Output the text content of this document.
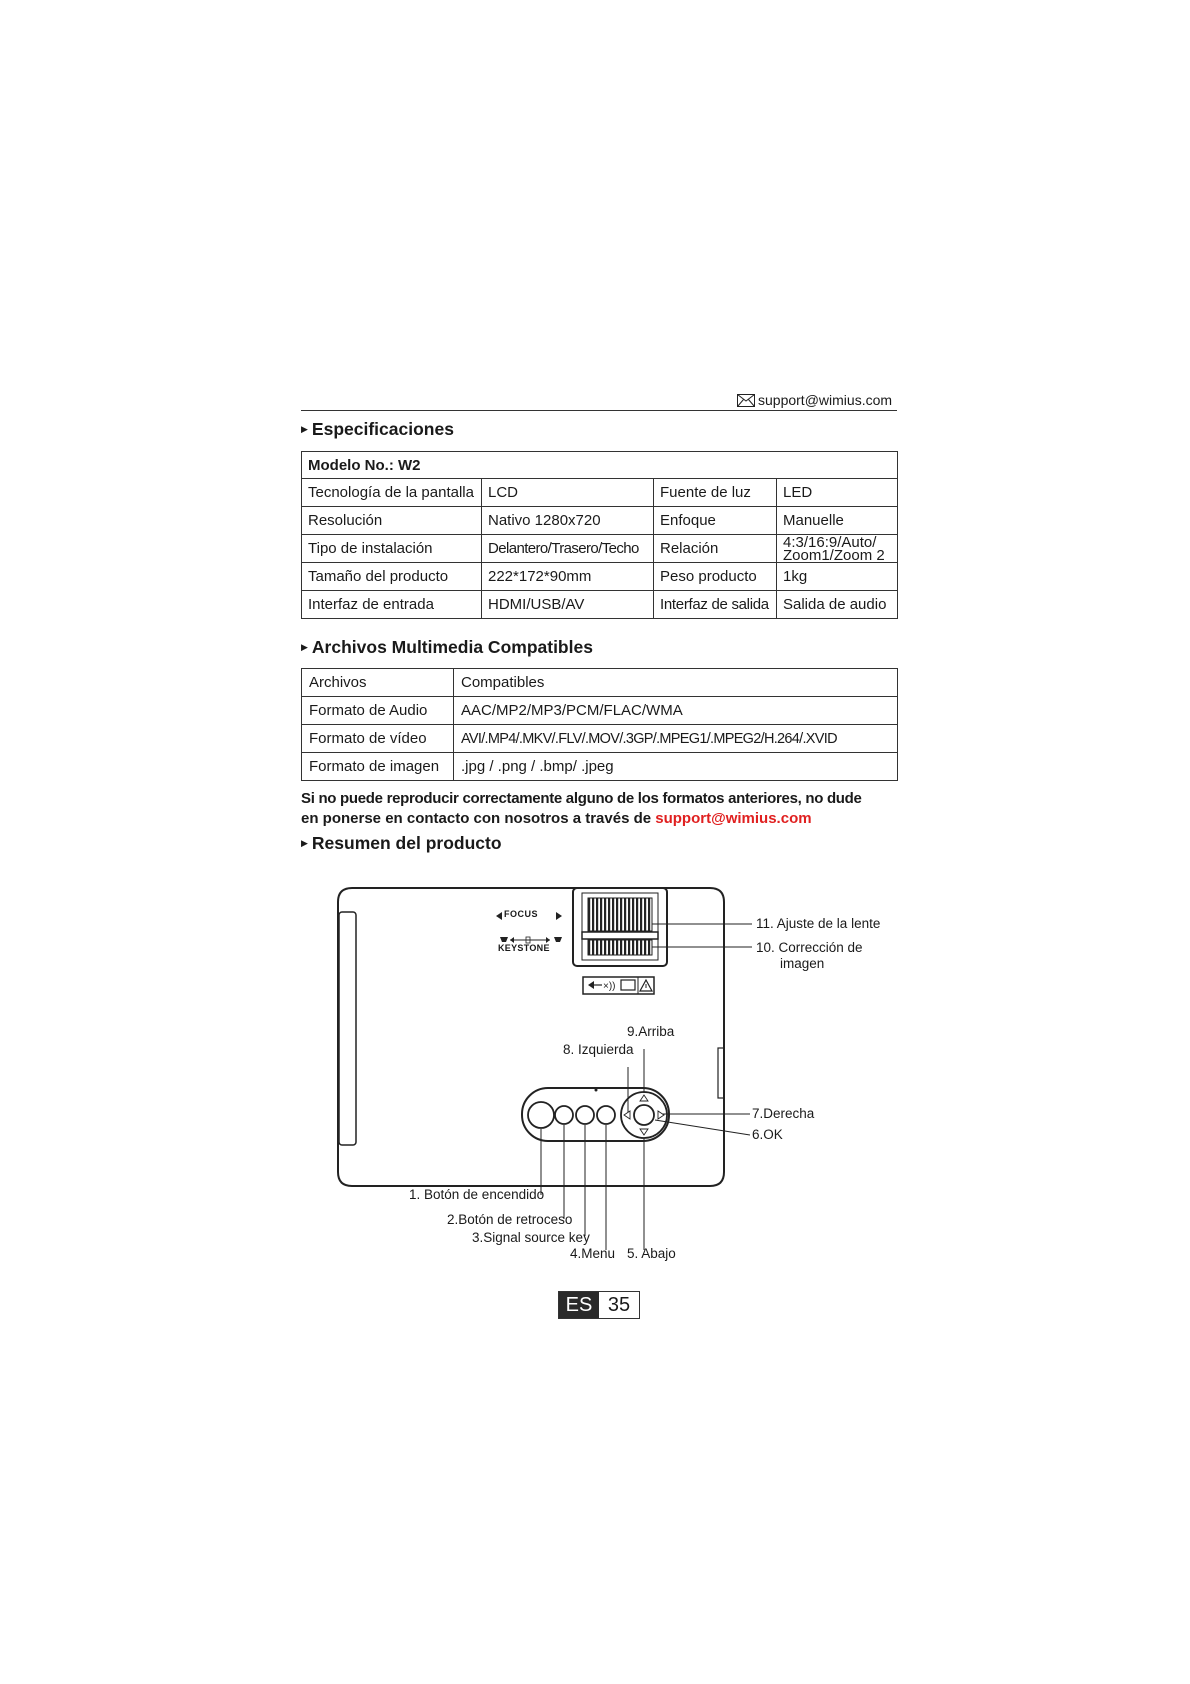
support@wimius.com
▶ Especificaciones
Modelo No.: W2			
Tecnología de la pantalla	LCD	Fuente de luz	LED
Resolución	Nativo 1280x720	Enfoque	Manuelle
Tipo de instalación	Delantero/Trasero/Techo	Relación	4:3/16:9/Auto/
Zoom1/Zoom 2

Tamaño del producto	222*172*90mm	Peso producto	1kg
Interfaz de entrada	HDMI/USB/AV	Interfaz de salida	Salida de audio
▶ Archivos Multimedia Compatibles
Archivos	Compatibles
Formato de Audio	AAC/MP2/MP3/PCM/FLAC/WMA
Formato de vídeo	AVI/.MP4/.MKV/.FLV/.MOV/.3GP/.MPEG1/.MPEG2/H.264/.XVID
Formato de imagen	.jpg / .png / .bmp/ .jpeg
Si no puede reproducir correctamente alguno de los formatos anteriores, no dude
en ponerse en contacto con nosotros a través de support@wimius.com
▶ Resumen del producto
×))
FOCUS
KEYSTONE
11. Ajuste de la lente
10. Corrección de
imagen
9.Arriba
8. Izquierda
7.Derecha
6.OK
1. Botón de encendido
2.Botón de retroceso
3.Signal source key
4.Menu 5. Abajo
ES 35
